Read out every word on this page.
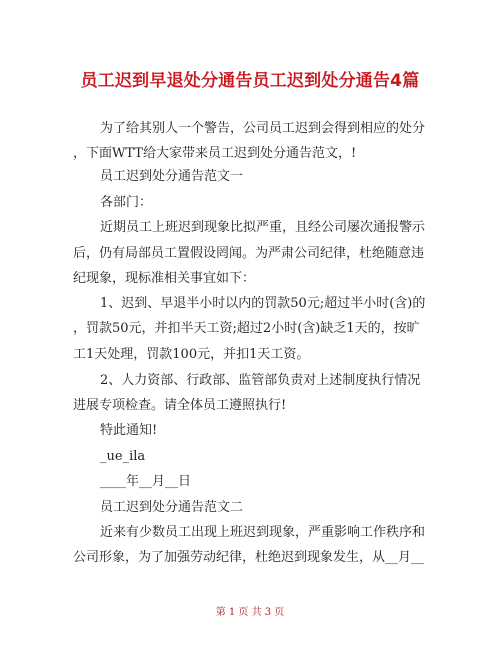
员工迟到早退处分通告员工迟到处分通告4篇
为了给其别人一个警告，公司员工迟到会得到相应的处分
，下面WTT给大家带来员工迟到处分通告范文，!
员工迟到处分通告范文一
各部门：
近期员工上班迟到现象比拟严重，且经公司屡次通报警示
后，仍有局部员工置假设罔闻。为严肃公司纪律，杜绝随意违
纪现象，现标准相关事宜如下：
1、迟到、早退半小时以内的罚款50元;超过半小时(含)的
，罚款50元，并扣半天工资;超过2小时(含)缺乏1天的，按旷
工1天处理，罚款100元，并扣1天工资。
2、人力资部、行政部、监管部负责对上述制度执行情况
进展专项检查。请全体员工遵照执行!
特此通知!
_ue_ila
____年__月__日
员工迟到处分通告范文二
近来有少数员工出现上班迟到现象，严重影响工作秩序和
公司形象，为了加强劳动纪律，杜绝迟到现象发生，从__月__
第 1 页 共 3 页
